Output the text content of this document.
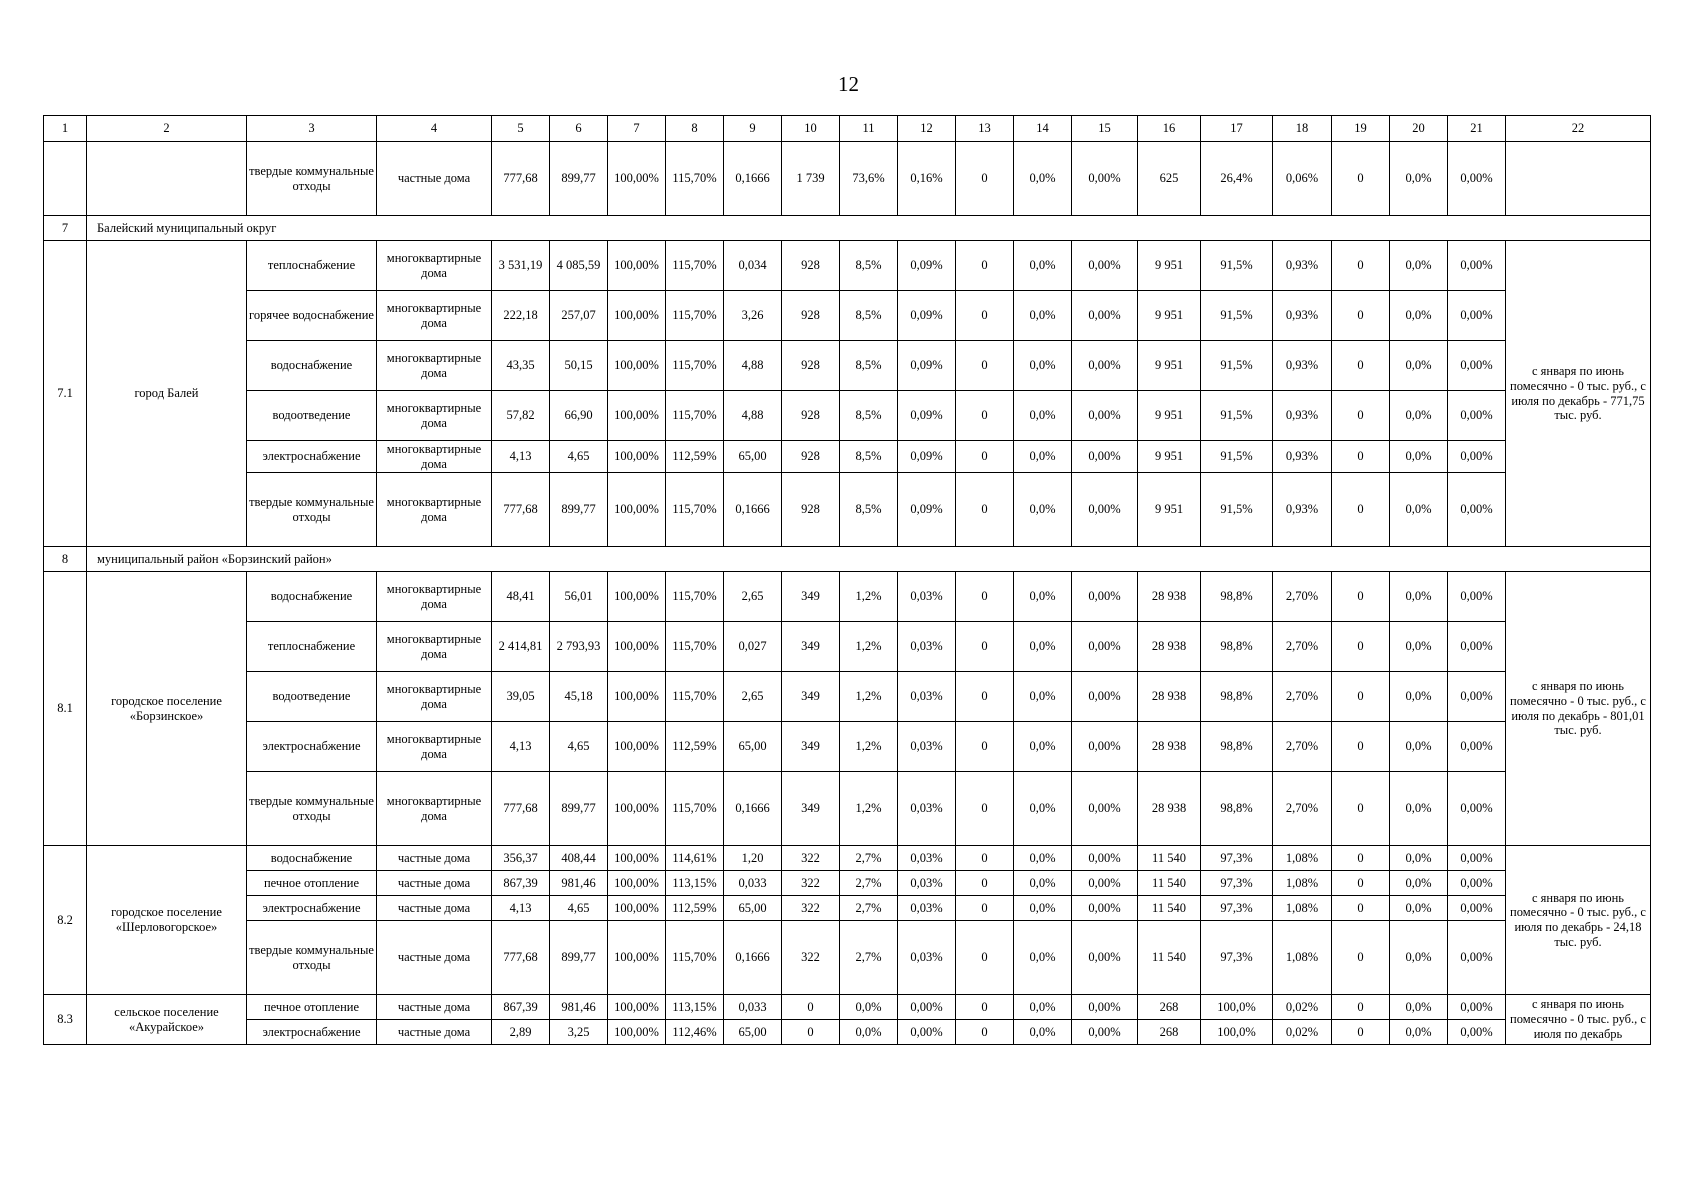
12
1	2	3	4	5	6	7	8	9	10	11	12	13	14	15	16	17	18	19	20	21	22
		твердые коммунальные отходы	частные дома	777,68	899,77	100,00%	115,70%	0,1666	1 739	73,6%	0,16%	0	0,0%	0,00%	625	26,4%	0,06%	0	0,0%	0,00%	
7	Балейский муниципальный округ																				
7.1	город Балей	теплоснабжение	многоквартирные дома	3 531,19	4 085,59	100,00%	115,70%	0,034	928	8,5%	0,09%	0	0,0%	0,00%	9 951	91,5%	0,93%	0	0,0%	0,00%	с января по июнь помесячно - 0 тыс. руб., с июля по декабрь - 771,75 тыс. руб.
		горячее водоснабжение	многоквартирные дома	222,18	257,07	100,00%	115,70%	3,26	928	8,5%	0,09%	0	0,0%	0,00%	9 951	91,5%	0,93%	0	0,0%	0,00%	
		водоснабжение	многоквартирные дома	43,35	50,15	100,00%	115,70%	4,88	928	8,5%	0,09%	0	0,0%	0,00%	9 951	91,5%	0,93%	0	0,0%	0,00%	
		водоотведение	многоквартирные дома	57,82	66,90	100,00%	115,70%	4,88	928	8,5%	0,09%	0	0,0%	0,00%	9 951	91,5%	0,93%	0	0,0%	0,00%	
		электроснабжение	многоквартирные дома	4,13	4,65	100,00%	112,59%	65,00	928	8,5%	0,09%	0	0,0%	0,00%	9 951	91,5%	0,93%	0	0,0%	0,00%	
		твердые коммунальные отходы	многоквартирные дома	777,68	899,77	100,00%	115,70%	0,1666	928	8,5%	0,09%	0	0,0%	0,00%	9 951	91,5%	0,93%	0	0,0%	0,00%	
8	муниципальный район «Борзинский район»																				
8.1	городское поселение «Борзинское»	водоснабжение	многоквартирные дома	48,41	56,01	100,00%	115,70%	2,65	349	1,2%	0,03%	0	0,0%	0,00%	28 938	98,8%	2,70%	0	0,0%	0,00%	с января по июнь помесячно - 0 тыс. руб., с июля по декабрь - 801,01 тыс. руб.
		теплоснабжение	многоквартирные дома	2 414,81	2 793,93	100,00%	115,70%	0,027	349	1,2%	0,03%	0	0,0%	0,00%	28 938	98,8%	2,70%	0	0,0%	0,00%	
		водоотведение	многоквартирные дома	39,05	45,18	100,00%	115,70%	2,65	349	1,2%	0,03%	0	0,0%	0,00%	28 938	98,8%	2,70%	0	0,0%	0,00%	
		электроснабжение	многоквартирные дома	4,13	4,65	100,00%	112,59%	65,00	349	1,2%	0,03%	0	0,0%	0,00%	28 938	98,8%	2,70%	0	0,0%	0,00%	
		твердые коммунальные отходы	многоквартирные дома	777,68	899,77	100,00%	115,70%	0,1666	349	1,2%	0,03%	0	0,0%	0,00%	28 938	98,8%	2,70%	0	0,0%	0,00%	
8.2	городское поселение «Шерловогорское»	водоснабжение	частные дома	356,37	408,44	100,00%	114,61%	1,20	322	2,7%	0,03%	0	0,0%	0,00%	11 540	97,3%	1,08%	0	0,0%	0,00%	с января по июнь помесячно - 0 тыс. руб., с июля по декабрь - 24,18 тыс. руб.
		печное отопление	частные дома	867,39	981,46	100,00%	113,15%	0,033	322	2,7%	0,03%	0	0,0%	0,00%	11 540	97,3%	1,08%	0	0,0%	0,00%	
		электроснабжение	частные дома	4,13	4,65	100,00%	112,59%	65,00	322	2,7%	0,03%	0	0,0%	0,00%	11 540	97,3%	1,08%	0	0,0%	0,00%	
		твердые коммунальные отходы	частные дома	777,68	899,77	100,00%	115,70%	0,1666	322	2,7%	0,03%	0	0,0%	0,00%	11 540	97,3%	1,08%	0	0,0%	0,00%	
8.3	сельское поселение «Акурайское»	печное отопление	частные дома	867,39	981,46	100,00%	113,15%	0,033	0	0,0%	0,00%	0	0,0%	0,00%	268	100,0%	0,02%	0	0,0%	0,00%	с января по июнь помесячно - 0 тыс. руб., с июля по декабрь
		электроснабжение	частные дома	2,89	3,25	100,00%	112,46%	65,00	0	0,0%	0,00%	0	0,0%	0,00%	268	100,0%	0,02%	0	0,0%	0,00%	
